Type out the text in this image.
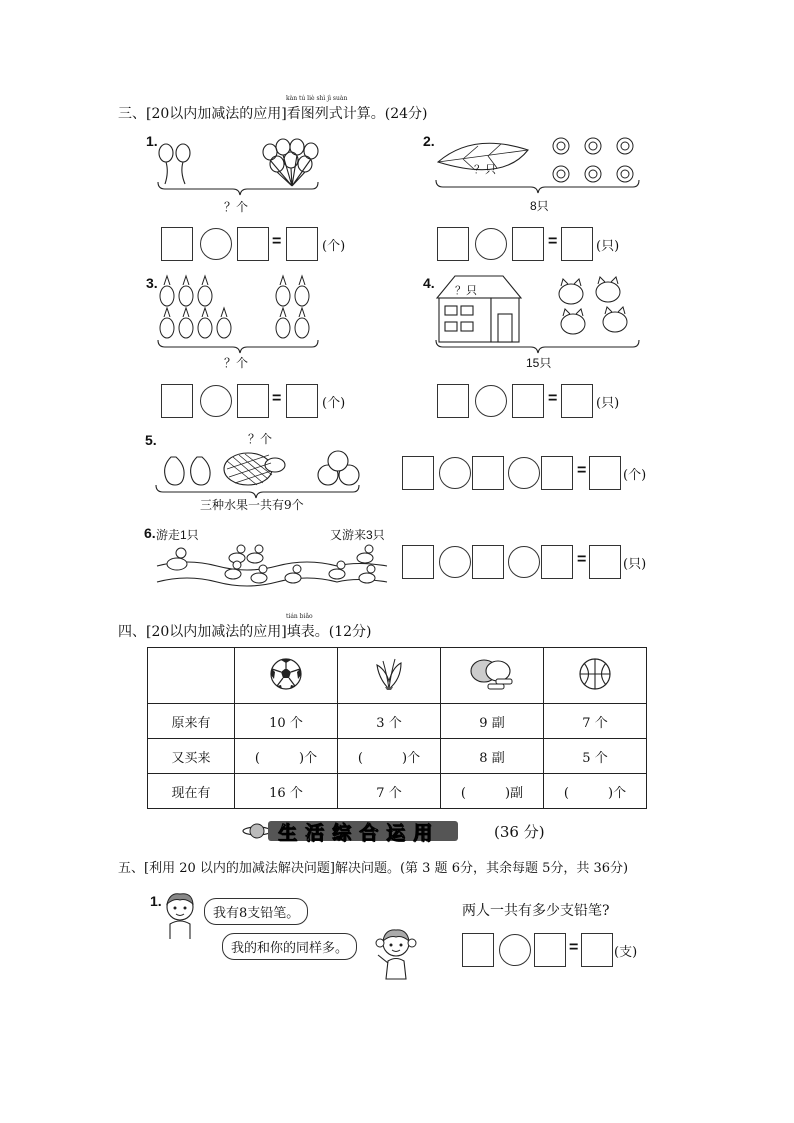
三、[20以内加减法的应用]看图列式计算。(24分)
kàn tú liè shì jì suàn
1.
？个
=	(个)
2.
？只
8只
=	(只)
3.
？个
=	(个)
4. ？只
15只
=	(只)
5.	？个
三种水果一共有9个
=	(个)
6. 游走1只	又游来3只
=	(只)
四、[20以内加减法的应用]填表。(12分)
tián biǎo

原来有	10 个	3 个	9 副	7 个
又买来	(　　　)个	(　　　)个	8 副	5 个
现在有	16 个	7 个	(　　　)副	(　　　)个
生活综合运用	(36 分)
五、[利用 20 以内的加减法解决问题]解决问题。(第 3 题 6分，其余每题 5分，共 36分)
1.
我有8支铅笔。
我的和你的同样多。
两人一共有多少支铅笔?
=	(支)
